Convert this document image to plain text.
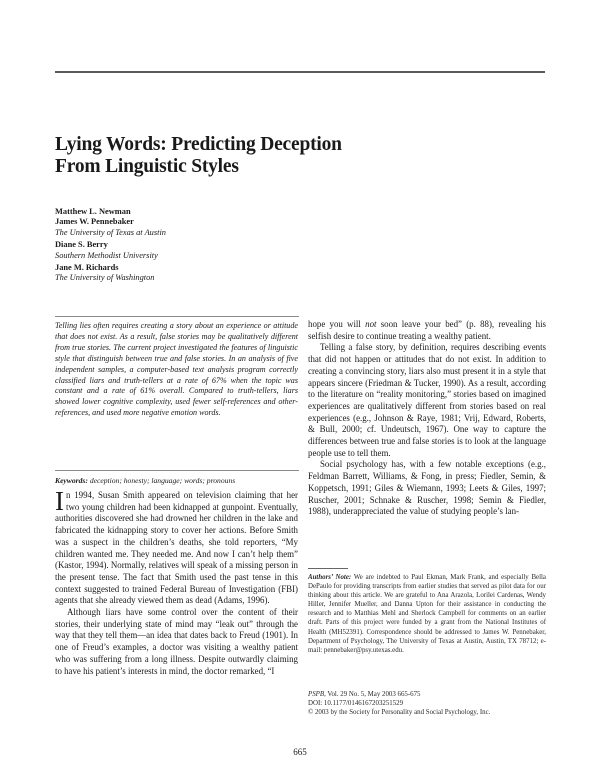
Lying Words: Predicting Deception
From Linguistic Styles
Matthew L. Newman
James W. Pennebaker
The University of Texas at Austin
Diane S. Berry
Southern Methodist University
Jane M. Richards
The University of Washington
Telling lies often requires creating a story about an experience or attitude that does not exist. As a result, false stories may be qualitatively different from true stories. The current project investigated the features of linguistic style that distinguish between true and false stories. In an analysis of five independent samples, a computer-based text analysis program correctly classified liars and truth-tellers at a rate of 67% when the topic was constant and a rate of 61% overall. Compared to truth-tellers, liars showed lower cognitive complexity, used fewer self-references and other-references, and used more negative emotion words.
Keywords: deception; honesty; language; words; pronouns

In 1994, Susan Smith appeared on television claiming that her two young children had been kidnapped at gunpoint. Eventually, authorities discovered she had drowned her children in the lake and fabricated the kidnapping story to cover her actions. Before Smith was a suspect in the children’s deaths, she told reporters, “My children wanted me. They needed me. And now I can’t help them” (Kastor, 1994). Normally, relatives will speak of a missing person in the present tense. The fact that Smith used the past tense in this context suggested to trained Federal Bureau of Investigation (FBI) agents that she already viewed them as dead (Adams, 1996).

Although liars have some control over the content of their stories, their underlying state of mind may “leak out” through the way that they tell them—an idea that dates back to Freud (1901). In one of Freud’s examples, a doctor was visiting a wealthy patient who was suffering from a long illness. Despite outwardly claiming to have his patient’s interests in mind, the doctor remarked, “I

hope you will not soon leave your bed” (p. 88), revealing his selfish desire to continue treating a wealthy patient.

Telling a false story, by definition, requires describing events that did not happen or attitudes that do not exist. In addition to creating a convincing story, liars also must present it in a style that appears sincere (Friedman & Tucker, 1990). As a result, according to the literature on “reality monitoring,” stories based on imagined experiences are qualitatively different from stories based on real experiences (e.g., Johnson & Raye, 1981; Vrij, Edward, Roberts, & Bull, 2000; cf. Undeutsch, 1967). One way to capture the differences between true and false stories is to look at the language people use to tell them.

Social psychology has, with a few notable exceptions (e.g., Feldman Barrett, Williams, & Fong, in press; Fiedler, Semin, & Koppetsch, 1991; Giles & Wiemann, 1993; Leets & Giles, 1997; Ruscher, 2001; Schnake & Ruscher, 1998; Semin & Fiedler, 1988), underappreciated the value of studying people’s lan-

Authors’ Note: We are indebted to Paul Ekman, Mark Frank, and especially Bella DePaulo for providing transcripts from earlier studies that served as pilot data for our thinking about this article. We are grateful to Ana Arazola, Lorilei Cardenas, Wendy Hiller, Jennifer Mueller, and Danna Upton for their assistance in conducting the research and to Matthias Mehl and Sherlock Campbell for comments on an earlier draft. Parts of this project were funded by a grant from the National Institutes of Health (MH52391). Correspondence should be addressed to James W. Pennebaker, Department of Psychology, The University of Texas at Austin, Austin, TX 78712; e-mail: pennebaker@psy.utexas.edu.
PSPB, Vol. 29 No. 5, May 2003 665-675
DOI: 10.1177/0146167203251529
© 2003 by the Society for Personality and Social Psychology, Inc.
665
